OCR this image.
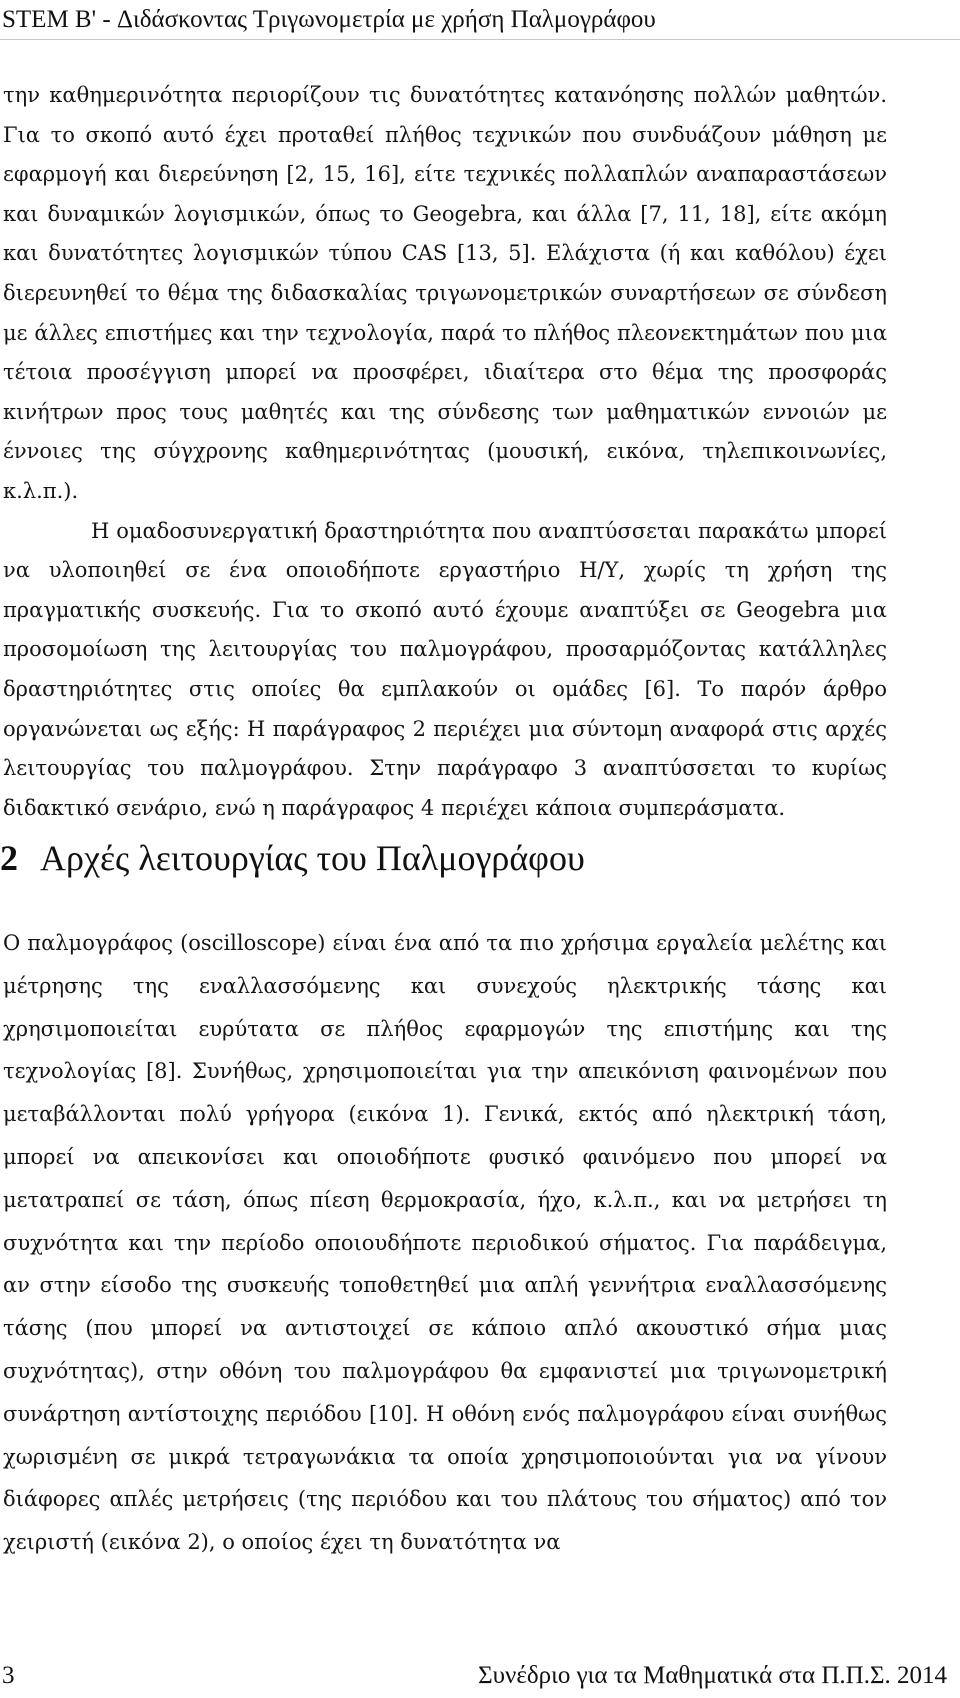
STEM B' - Διδάσκοντας Τριγωνομετρία με χρήση Παλμογράφου

την καθημερινότητα περιορίζουν τις δυνατότητες κατανόησης πολλών μαθητών. Για το σκοπό αυτό έχει προταθεί πλήθος τεχνικών που συνδυάζουν μάθηση με εφαρμογή και διερεύνηση [2, 15, 16], είτε τεχνικές πολλαπλών αναπαραστάσεων και δυναμικών λογισμικών, όπως το Geogebra, και άλλα [7, 11, 18], είτε ακόμη και δυνατότητες λογισμικών τύπου CAS [13, 5]. Ελάχιστα (ή και καθόλου) έχει διερευνηθεί το θέμα της διδασκαλίας τριγωνομετρικών συναρτήσεων σε σύνδεση με άλλες επιστήμες και την τεχνολογία, παρά το πλήθος πλεονεκτημάτων που μια τέτοια προσέγγιση μπορεί να προσφέρει, ιδιαίτερα στο θέμα της προσφοράς κινήτρων προς τους μαθητές και της σύνδεσης των μαθηματικών εννοιών με έννοιες της σύγχρονης καθημερινότητας (μουσική, εικόνα, τηλεπικοινωνίες, κ.λ.π.).

Η ομαδοσυνεργατική δραστηριότητα που αναπτύσσεται παρακάτω μπορεί να υλοποιηθεί σε ένα οποιοδήποτε εργαστήριο Η/Υ, χωρίς τη χρήση της πραγματικής συσκευής. Για το σκοπό αυτό έχουμε αναπτύξει σε Geogebra μια προσομοίωση της λειτουργίας του παλμογράφου, προσαρμόζοντας κατάλληλες δραστηριότητες στις οποίες θα εμπλακούν οι ομάδες [6]. Το παρόν άρθρο οργανώνεται ως εξής: Η παράγραφος 2 περιέχει μια σύντομη αναφορά στις αρχές λειτουργίας του παλμογράφου. Στην παράγραφο 3 αναπτύσσεται το κυρίως διδακτικό σενάριο, ενώ η παράγραφος 4 περιέχει κάποια συμπεράσματα.

2 Αρχές λειτουργίας του Παλμογράφου

Ο παλμογράφος (oscilloscope) είναι ένα από τα πιο χρήσιμα εργαλεία μελέτης και μέτρησης της εναλλασσόμενης και συνεχούς ηλεκτρικής τάσης και χρησιμοποιείται ευρύτατα σε πλήθος εφαρμογών της επιστήμης και της τεχνολογίας [8]. Συνήθως, χρησιμοποιείται για την απεικόνιση φαινομένων που μεταβάλλονται πολύ γρήγορα (εικόνα 1). Γενικά, εκτός από ηλεκτρική τάση, μπορεί να απεικονίσει και οποιοδήποτε φυσικό φαινόμενο που μπορεί να μετατραπεί σε τάση, όπως πίεση θερμοκρασία, ήχο, κ.λ.π., και να μετρήσει τη συχνότητα και την περίοδο οποιουδήποτε περιοδικού σήματος. Για παράδειγμα, αν στην είσοδο της συσκευής τοποθετηθεί μια απλή γεννήτρια εναλλασσόμενης τάσης (που μπορεί να αντιστοιχεί σε κάποιο απλό ακουστικό σήμα μιας συχνότητας), στην οθόνη του παλμογράφου θα εμφανιστεί μια τριγωνομετρική συνάρτηση αντίστοιχης περιόδου [10]. Η οθόνη ενός παλμογράφου είναι συνήθως χωρισμένη σε μικρά τετραγωνάκια τα οποία χρησιμοποιούνται για να γίνουν διάφορες απλές μετρήσεις (της περιόδου και του πλάτους του σήματος) από τον χειριστή (εικόνα 2), ο οποίος έχει τη δυνατότητα να

3	Συνέδριο για τα Μαθηματικά στα Π.Π.Σ. 2014
